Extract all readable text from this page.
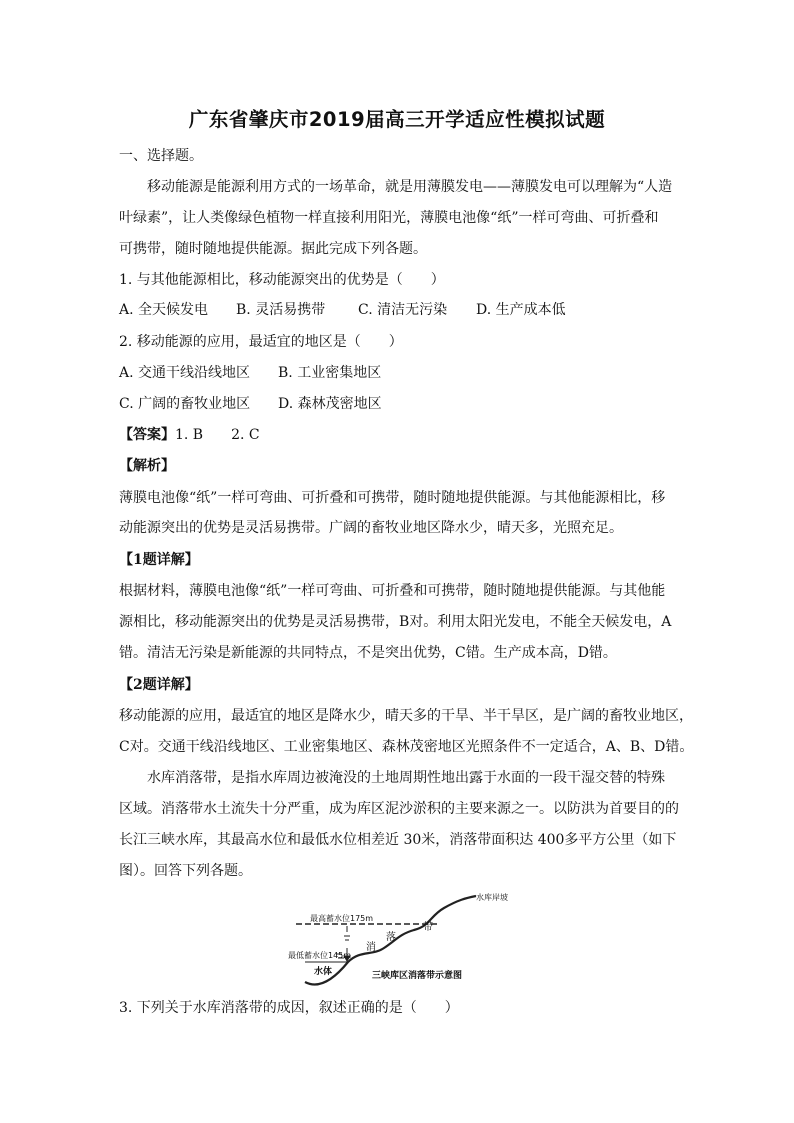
广东省肇庆市2019届高三开学适应性模拟试题
一、选择题。
移动能源是能源利用方式的一场革命，就是用薄膜发电——薄膜发电可以理解为“人造
叶绿素”，让人类像绿色植物一样直接利用阳光，薄膜电池像“纸”一样可弯曲、可折叠和
可携带，随时随地提供能源。据此完成下列各题。
1. 与其他能源相比，移动能源突出的优势是（　　）
A. 全天候发电	B. 灵活易携带	C. 清洁无污染	D. 生产成本低
2. 移动能源的应用，最适宜的地区是（　　）
A. 交通干线沿线地区	B. 工业密集地区
C. 广阔的畜牧业地区	D. 森林茂密地区
【答案】1. B　　2. C
【解析】
薄膜电池像“纸”一样可弯曲、可折叠和可携带，随时随地提供能源。与其他能源相比，移
动能源突出的优势是灵活易携带。广阔的畜牧业地区降水少，晴天多，光照充足。
【1题详解】
根据材料，薄膜电池像“纸”一样可弯曲、可折叠和可携带，随时随地提供能源。与其他能
源相比，移动能源突出的优势是灵活易携带，B对。利用太阳光发电，不能全天候发电，A
错。清洁无污染是新能源的共同特点，不是突出优势，C错。生产成本高，D错。
【2题详解】
移动能源的应用，最适宜的地区是降水少，晴天多的干旱、半干旱区，是广阔的畜牧业地区，
C对。交通干线沿线地区、工业密集地区、森林茂密地区光照条件不一定适合，A、B、D错。
水库消落带，是指水库周边被淹没的土地周期性地出露于水面的一段干湿交替的特殊
区域。消落带水土流失十分严重，成为库区泥沙淤积的主要来源之一。以防洪为首要目的的
长江三峡水库，其最高水位和最低水位相差近 30米，消落带面积达 400多平方公里（如下
图）。回答下列各题。
水库岸坡
最高蓄水位175m
最低蓄水位145m
水体
消
落
带
三峡库区消落带示意图
3. 下列关于水库消落带的成因，叙述正确的是（　　）
